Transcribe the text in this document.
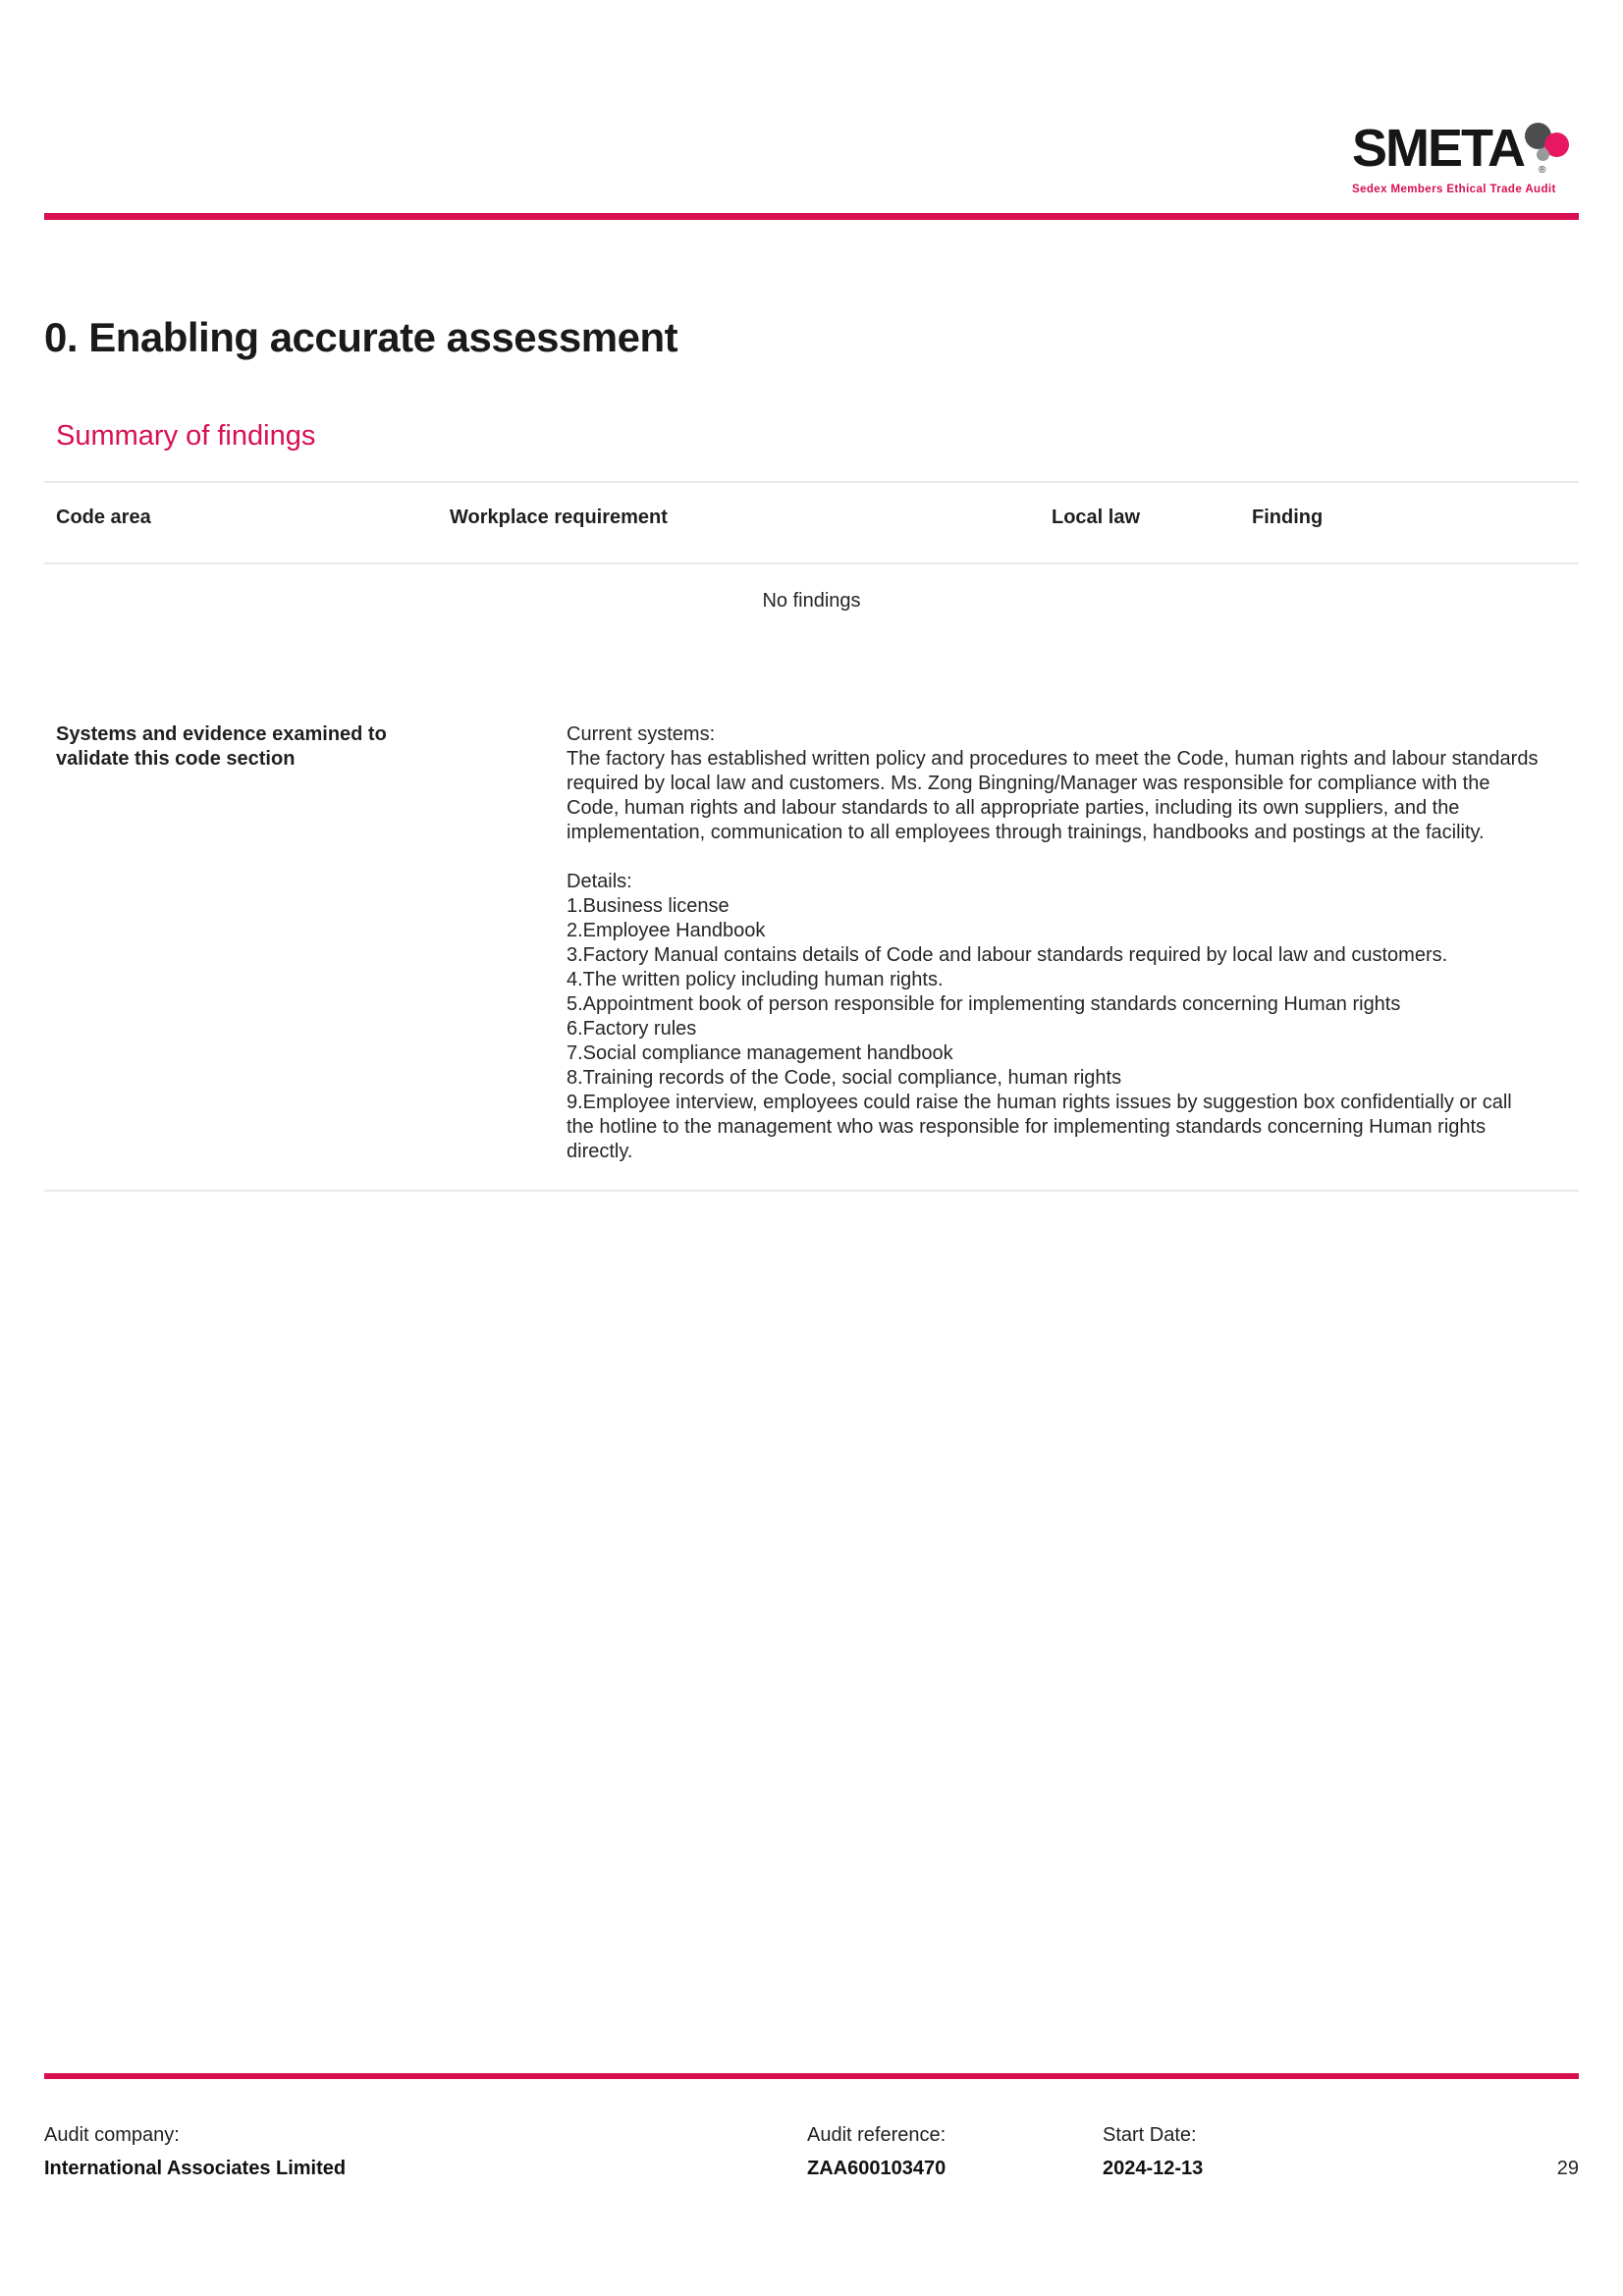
SMETA ®
Sedex Members Ethical Trade Audit
0. Enabling accurate assessment
Summary of findings
Code area	Workplace requirement	Local law	Finding
No findings
Systems and evidence examined to validate this code section
Current systems:
The factory has established written policy and procedures to meet the Code, human rights and labour standards required by local law and customers. Ms. Zong Bingning/Manager was responsible for compliance with the Code, human rights and labour standards to all appropriate parties, including its own suppliers, and the implementation, communication to all employees through trainings, handbooks and postings at the facility.
Details:
1.Business license
2.Employee Handbook
3.Factory Manual contains details of Code and labour standards required by local law and customers.
4.The written policy including human rights.
5.Appointment book of person responsible for implementing standards concerning Human rights
6.Factory rules
7.Social compliance management handbook
8.Training records of the Code, social compliance, human rights
9.Employee interview, employees could raise the human rights issues by suggestion box confidentially or call the hotline to the management who was responsible for implementing standards concerning Human rights directly.
Audit company:
International Associates Limited
Audit reference:
ZAA600103470
Start Date:
2024-12-13	29
